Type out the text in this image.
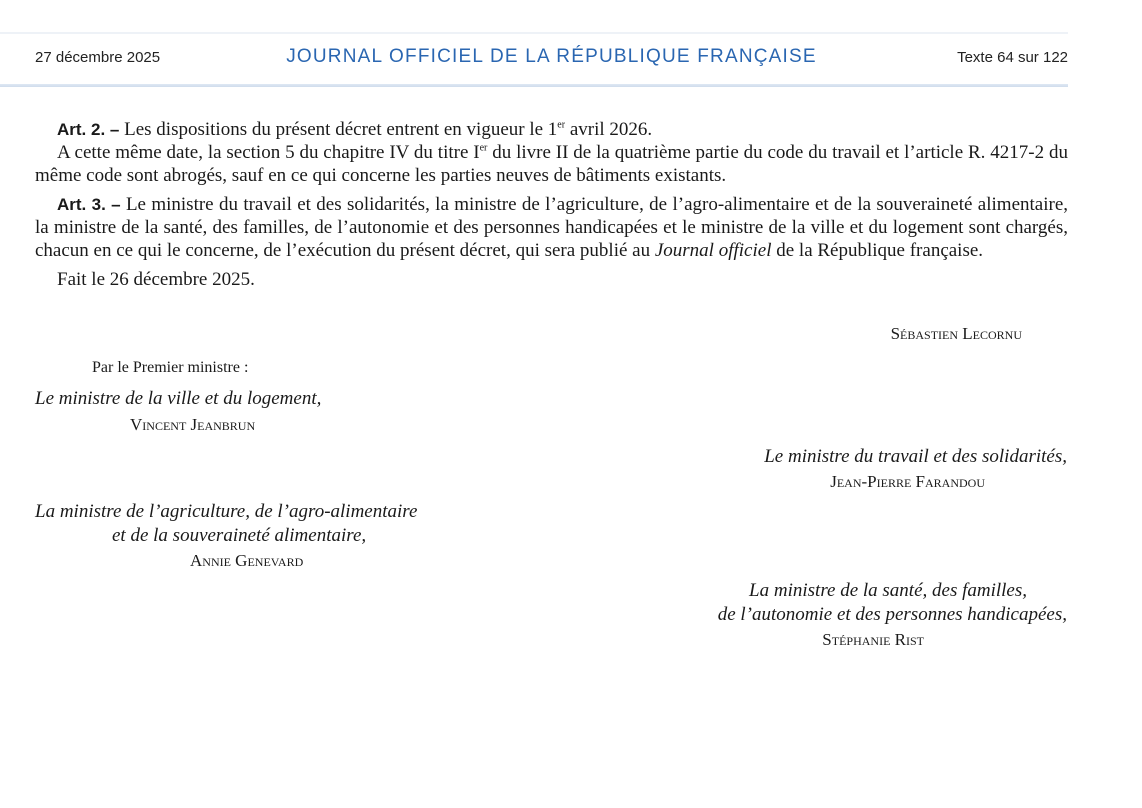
27 décembre 2025	JOURNAL OFFICIEL DE LA RÉPUBLIQUE FRANÇAISE	Texte 64 sur 122

Art. 2. – Les dispositions du présent décret entrent en vigueur le 1er avril 2026.

A cette même date, la section 5 du chapitre IV du titre Ier du livre II de la quatrième partie du code du travail et l’article R. 4217-2 du même code sont abrogés, sauf en ce qui concerne les parties neuves de bâtiments existants.

Art. 3. – Le ministre du travail et des solidarités, la ministre de l’agriculture, de l’agro-alimentaire et de la souveraineté alimentaire, la ministre de la santé, des familles, de l’autonomie et des personnes handicapées et le ministre de la ville et du logement sont chargés, chacun en ce qui le concerne, de l’exécution du présent décret, qui sera publié au Journal officiel de la République française.

Fait le 26 décembre 2025.

Sébastien Lecornu
Par le Premier ministre :
Le ministre de la ville et du logement,
Vincent Jeanbrun
Le ministre du travail et des solidarités,
Jean-Pierre Farandou
La ministre de l’agriculture, de l’agro-alimentaire
et de la souveraineté alimentaire,
Annie Genevard
La ministre de la santé, des familles,
de l’autonomie et des personnes handicapées,
Stéphanie Rist
